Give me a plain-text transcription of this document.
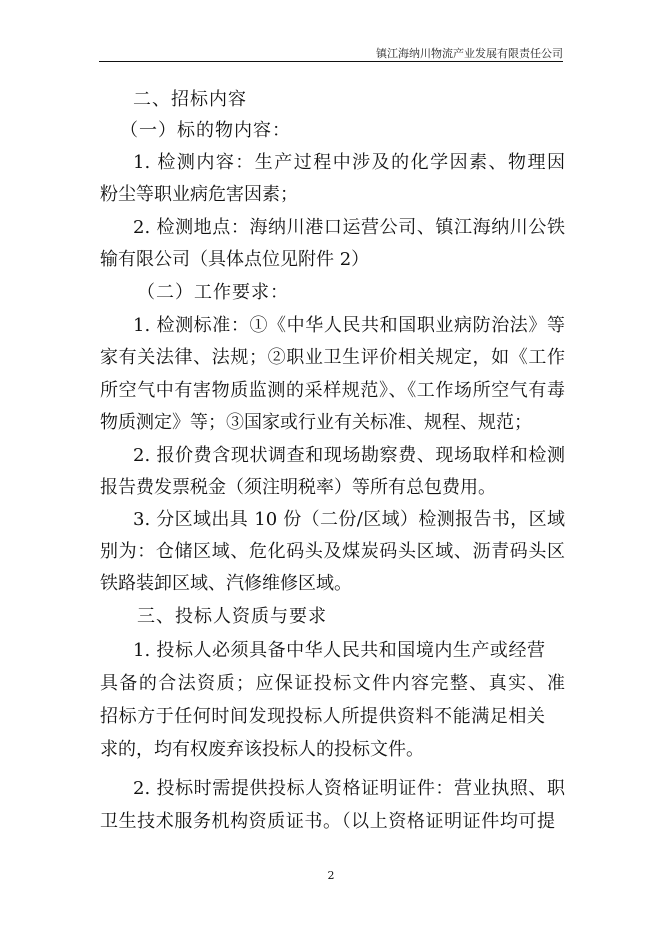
镇江海纳川物流产业发展有限责任公司
二、招标内容
（一）标的物内容：
1. 检测内容：生产过程中涉及的化学因素、物理因
粉尘等职业病危害因素；
2. 检测地点：海纳川港口运营公司、镇江海纳川公铁
输有限公司（具体点位见附件 2）
（二）工作要求：
1. 检测标准：①《中华人民共和国职业病防治法》等
家有关法律、法规；②职业卫生评价相关规定，如《工作
所空气中有害物质监测的采样规范》、《工作场所空气有毒
物质测定》等；③国家或行业有关标准、规程、规范；
2. 报价费含现状调查和现场勘察费、现场取样和检测
报告费发票税金（须注明税率）等所有总包费用。
3. 分区域出具 10 份（二份/区域）检测报告书，区域
别为：仓储区域、危化码头及煤炭码头区域、沥青码头区
铁路装卸区域、汽修维修区域。
三、投标人资质与要求
1. 投标人必须具备中华人民共和国境内生产或经营
具备的合法资质；应保证投标文件内容完整、真实、准
招标方于任何时间发现投标人所提供资料不能满足相关
求的，均有权废弃该投标人的投标文件。
2. 投标时需提供投标人资格证明证件：营业执照、职
卫生技术服务机构资质证书。（以上资格证明证件均可提
2
